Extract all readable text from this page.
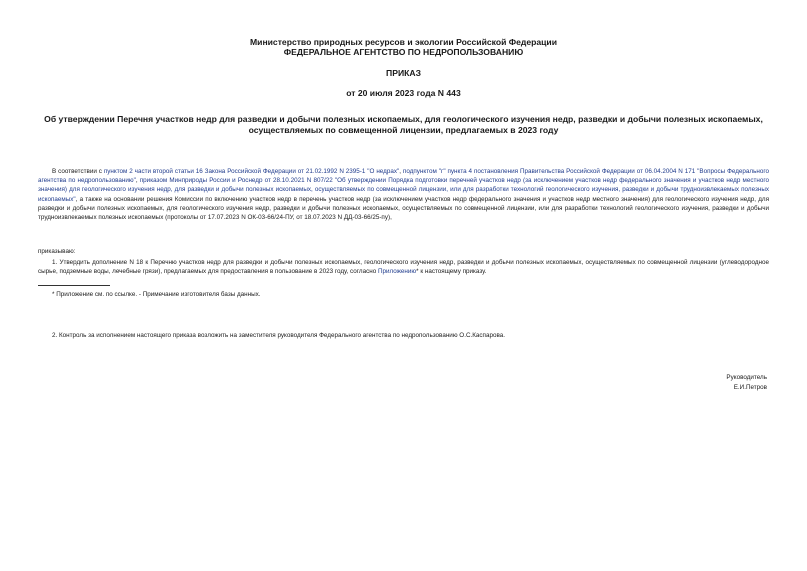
Министерство природных ресурсов и экологии Российской Федерации
ФЕДЕРАЛЬНОЕ АГЕНТСТВО ПО НЕДРОПОЛЬЗОВАНИЮ
ПРИКАЗ
от 20 июля 2023 года N 443
Об утверждении Перечня участков недр для разведки и добычи полезных ископаемых, для геологического изучения недр, разведки и добычи полезных ископаемых, осуществляемых по совмещенной лицензии, предлагаемых в 2023 году
В соответствии с пунктом 2 части второй статьи 16 Закона Российской Федерации от 21.02.1992 N 2395-1 "О недрах", подпунктом "г" пункта 4 постановления Правительства Российской Федерации от 06.04.2004 N 171 "Вопросы Федерального агентства по недропользованию", приказом Минприроды России и Роснедр от 28.10.2021 N 807/22 "Об утверждении Порядка подготовки перечней участков недр (за исключением участков недр федерального значения и участков недр местного значения) для геологического изучения недр, для разведки и добычи полезных ископаемых, осуществляемых по совмещенной лицензии, или для разработки технологий геологического изучения, разведки и добычи трудноизвлекаемых полезных ископаемых", а также на основании решения Комиссии по включению участков недр в перечень участков недр (за исключением участков недр федерального значения и участков недр местного значения) для геологического изучения недр, для разведки и добычи полезных ископаемых, для геологического изучения недр, разведки и добычи полезных ископаемых, осуществляемых по совмещенной лицензии, или для разработки технологий геологического изучения, разведки и добычи трудноизвлекаемых полезных ископаемых (протоколы от 17.07.2023 N ОК-03-66/24-ПУ, от 18.07.2023 N ДД-03-66/25-пу),
приказываю:
1. Утвердить дополнение N 18 к Перечню участков недр для разведки и добычи полезных ископаемых, геологического изучения недр, разведки и добычи полезных ископаемых, осуществляемых по совмещенной лицензии (углеводородное сырье, подземные воды, лечебные грязи), предлагаемых для предоставления в пользование в 2023 году, согласно Приложению* к настоящему приказу.
* Приложение см. по ссылке. - Примечание изготовителя базы данных.
2. Контроль за исполнением настоящего приказа возложить на заместителя руководителя Федерального агентства по недропользованию О.С.Каспарова.
Руководитель
Е.И.Петров
